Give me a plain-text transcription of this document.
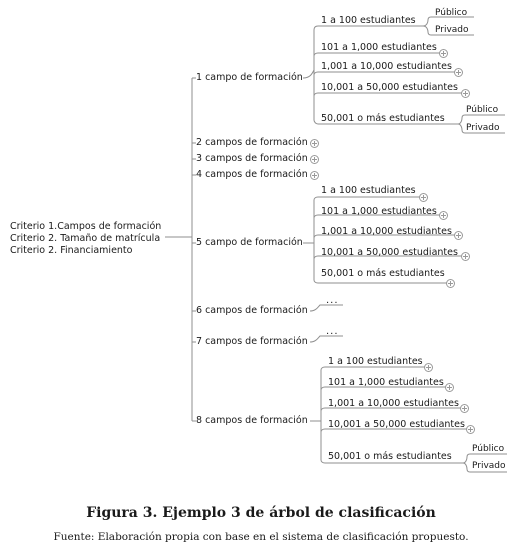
Criterio 1.Campos de formación
Criterio 2. Tamaño de matrícula
Criterio 2. Financiamiento
1 campo de formación
1 a 100 estudiantes
101 a 1,000 estudiantes
1,001 a 10,000 estudiantes
10,001 a 50,000 estudiantes
50,001 o más estudiantes
Público
Privado
Público
Privado
2 campos de formación
3 campos de formación
4 campos de formación
5 campo de formación
1 a 100 estudiantes
101 a 1,000 estudiantes
1,001 a 10,000 estudiantes
10,001 a 50,000 estudiantes
50,001 o más estudiantes
6 campos de formación
...
7 campos de formación
...
8 campos de formación
1 a 100 estudiantes
101 a 1,000 estudiantes
1,001 a 10,000 estudiantes
10,001 a 50,000 estudiantes
50,001 o más estudiantes
Público
Privado
Figura 3. Ejemplo 3 de árbol de clasificación
Fuente: Elaboración propia con base en el sistema de clasificación propuesto.
